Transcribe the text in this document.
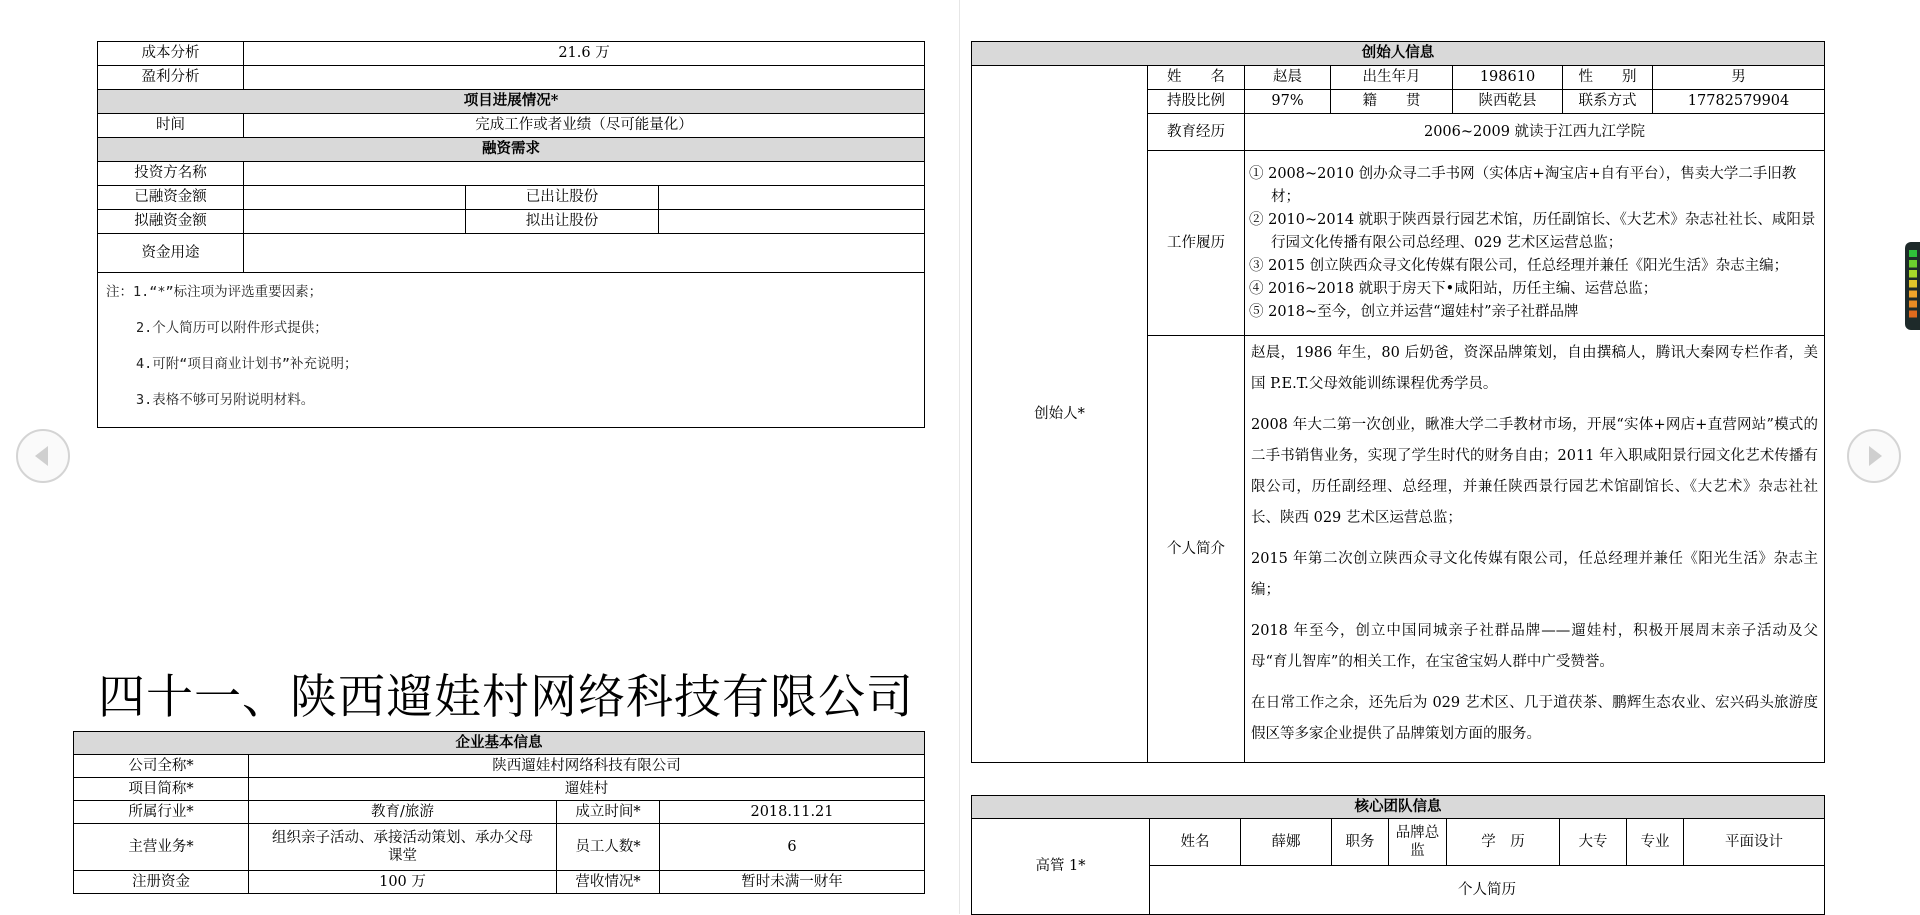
成本分析	21.6 万		
盈利分析			
项目进展情况*			
时间	完成工作或者业绩（尽可能量化）		
融资需求			
投资方名称			
已融资金额		已出让股份	
拟融资金额		拟出让股份	
资金用途			

注：1.“*”标注项为评选重要因素；
2.个人简历可以附件形式提供；
4.可附“项目商业计划书”补充说明；
3.表格不够可另附说明材料。			
四十一、陕西遛娃村网络科技有限公司
企业基本信息			
公司全称*	陕西遛娃村网络科技有限公司		
项目简称*	遛娃村		
所属行业*	教育/旅游	成立时间*	2018.11.21
主营业务*	组织亲子活动、承接活动策划、承办父母课堂	员工人数*	6
注册资金	100 万	营收情况*	暂时未满一财年
创始人信息						
创始人*	姓　　名	赵晨	出生年月	198610	性　　别	男
	持股比例	97%	籍　　贯	陕西乾县	联系方式	17782579904
	教育经历	2006~2009 就读于江西九江学院				
	工作履历	① 2008~2010 创办众寻二手书网（实体店+淘宝店+自有平台），售卖大学二手旧教材；
② 2010~2014 就职于陕西景行园艺术馆，历任副馆长、《大艺术》杂志社社长、咸阳景行园文化传播有限公司总经理、029 艺术区运营总监；
③ 2015 创立陕西众寻文化传媒有限公司，任总经理并兼任《阳光生活》杂志主编；
④ 2016~2018 就职于房天下•咸阳站，历任主编、运营总监；
⑤ 2018~至今，创立并运营“遛娃村”亲子社群品牌				

	个人简介	赵晨，1986 年生，80 后奶爸，资深品牌策划，自由撰稿人，腾讯大秦网专栏作者，美国 P.E.T.父母效能训练课程优秀学员。

2008 年大二第一次创业，瞅准大学二手教材市场，开展“实体+网店+直营网站”模式的二手书销售业务，实现了学生时代的财务自由；2011 年入职咸阳景行园文化艺术传播有限公司，历任副经理、总经理，并兼任陕西景行园艺术馆副馆长、《大艺术》杂志社社长、陕西 029 艺术区运营总监；

2015 年第二次创立陕西众寻文化传媒有限公司，任总经理并兼任《阳光生活》杂志主编；

2018 年至今，创立中国同城亲子社群品牌——遛娃村，积极开展周末亲子活动及父母“育儿智库”的相关工作，在宝爸宝妈人群中广受赞誉。

在日常工作之余，还先后为 029 艺术区、几于道茯茶、鹏辉生态农业、宏兴码头旅游度假区等多家企业提供了品牌策划方面的服务。				

核心团队信息
高管 1*	姓名	薛娜	职务	品牌总监	学　历	大专	专业	平面设计
个人简历
